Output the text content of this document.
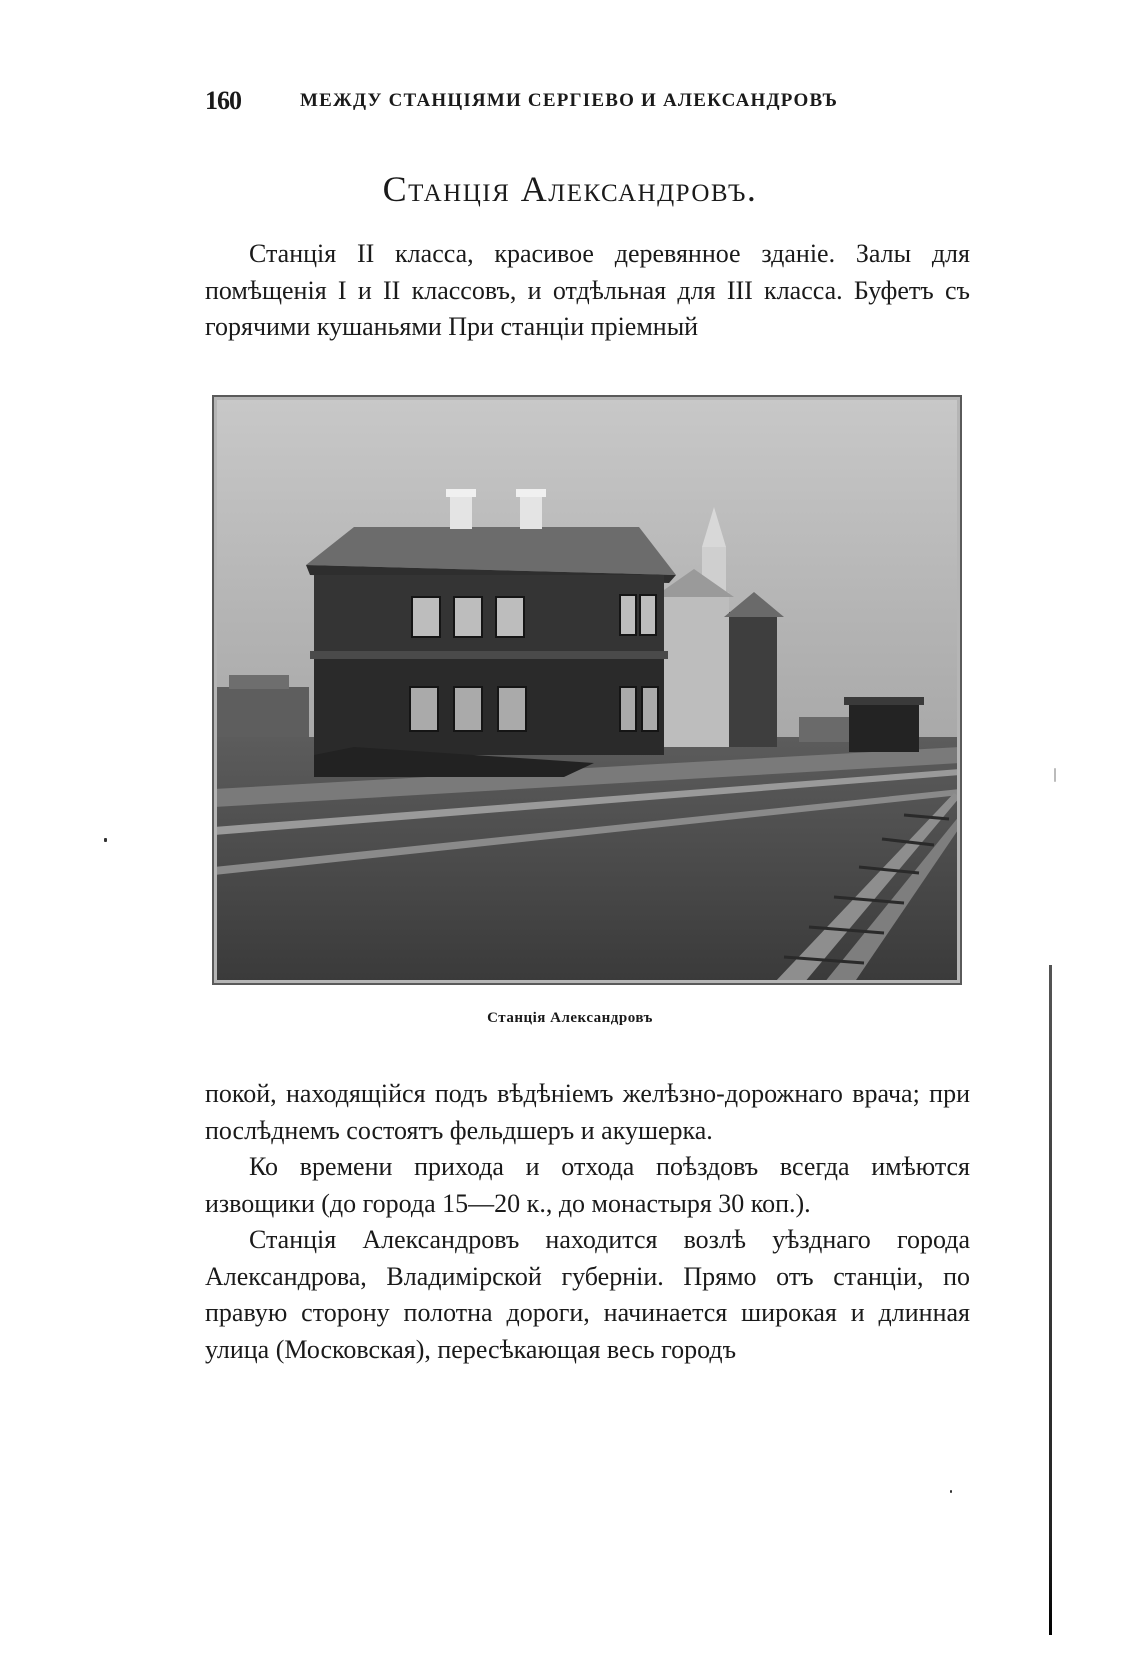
160	МЕЖДУ СТАНЦІЯМИ СЕРГІЕВО И АЛЕКСАНДРОВЪ
Станція Александровъ.

Станція II класса, красивое деревянное зданіе. Залы для помѣщенія I и II классовъ, и отдѣльная для III класса. Буфетъ съ горячими кушаньями При станціи пріемный

Станція Александровъ

покой, находящійся подъ вѣдѣніемъ желѣзно-дорожнаго врача; при послѣднемъ состоятъ фельдшеръ и акушерка.

Ко времени прихода и отхода поѣздовъ всегда имѣются извощики (до города 15—20 к., до монастыря 30 коп.).

Станція Александровъ находится возлѣ уѣзднаго города Александрова, Владимірской губерніи. Прямо отъ станціи, по правую сторону полотна дороги, начинается широкая и длинная улица (Московская), пересѣкающая весь городъ
